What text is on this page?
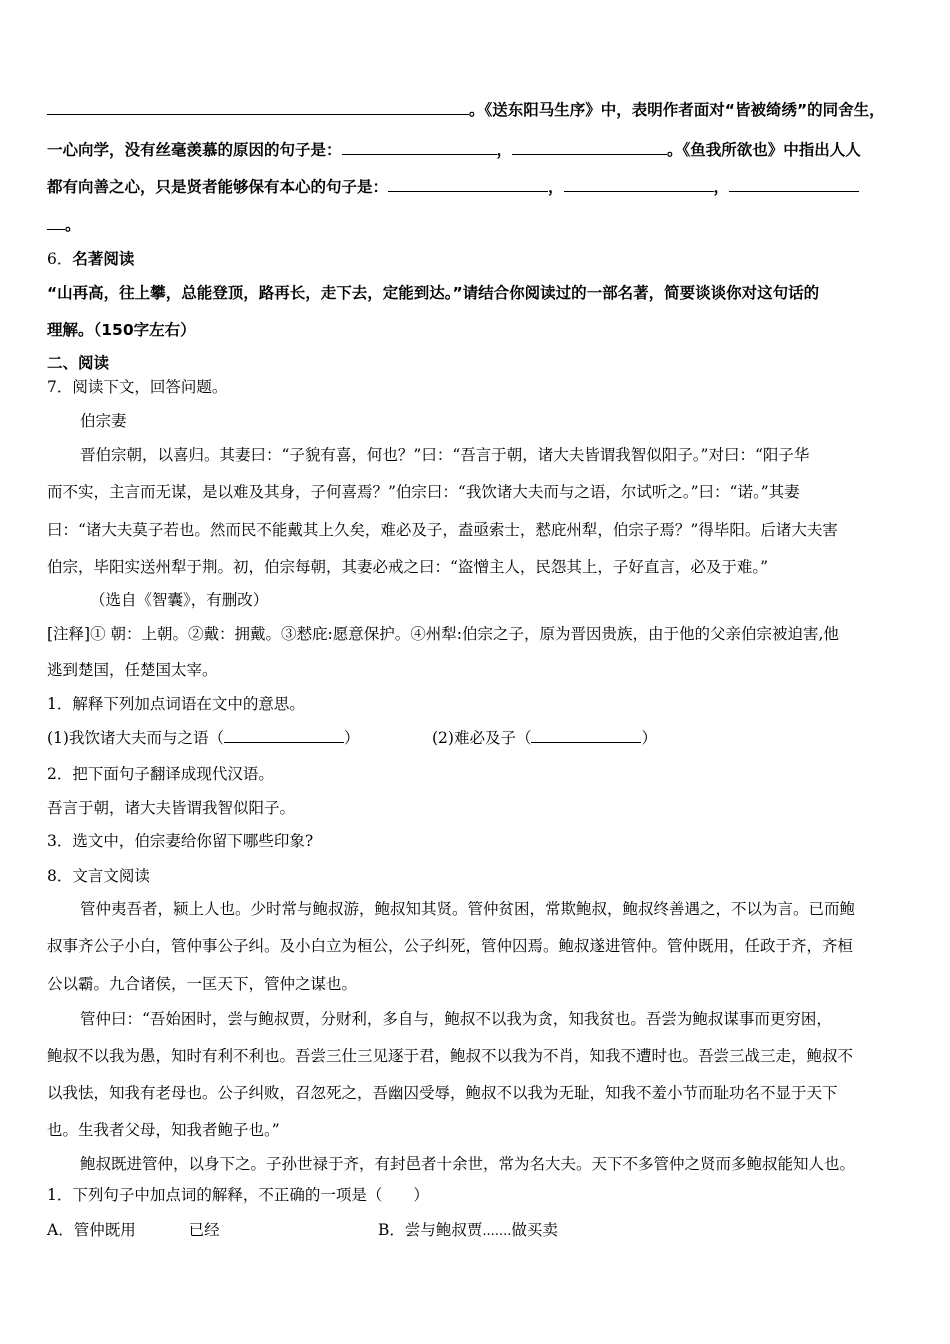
。《送东阳马生序》中，表明作者面对“皆被绮绣”的同舍生，
一心向学，没有丝毫羡慕的原因的句子是：	，	。《鱼我所欲也》中指出人人
都有向善之心，只是贤者能够保有本心的句子是：	，	，
。
6．名著阅读
“山再高，往上攀，总能登顶，路再长，走下去，定能到达。”请结合你阅读过的一部名著，简要谈谈你对这句话的
理解。（150字左右）
二、阅读
7．阅读下文，回答问题。
伯宗妻
晋伯宗朝，以喜归。其妻曰：“子貌有喜，何也？”曰：“吾言于朝，诸大夫皆谓我智似阳子。”对曰：“阳子华
而不实，主言而无谋，是以难及其身，子何喜焉？”伯宗曰：“我饮诸大夫而与之语，尔试听之。”曰：“诺。”其妻
曰：“诸大夫莫子若也。然而民不能戴其上久矣，难必及子，盍亟索士，慭庇州犁，伯宗子焉？”得毕阳。后诸大夫害
伯宗，毕阳实送州犁于荆。初，伯宗每朝，其妻必戒之曰：“盗憎主人，民怨其上，子好直言，必及于难。”
（选自《智囊》，有删改）
[注释]① 朝：上朝。②戴：拥戴。③慭庇:愿意保护。④州犁:伯宗之子，原为晋因贵族，由于他的父亲伯宗被迫害,他
逃到楚国，任楚国太宰。
1．解释下列加点词语在文中的意思。
(1)我饮诸大夫而与之语（	）	(2)难必及子（	）
2．把下面句子翻译成现代汉语。
吾言于朝，诸大夫皆谓我智似阳子。
3．选文中，伯宗妻给你留下哪些印象?
8．文言文阅读
管仲夷吾者，颍上人也。少时常与鲍叔游，鲍叔知其贤。管仲贫困，常欺鲍叔，鲍叔终善遇之，不以为言。已而鲍
叔事齐公子小白，管仲事公子纠。及小白立为桓公，公子纠死，管仲囚焉。鲍叔遂进管仲。管仲既用，任政于齐，齐桓
公以霸。九合诸侯，一匡天下，管仲之谋也。
管仲曰：“吾始困时，尝与鲍叔贾，分财利，多自与，鲍叔不以我为贪，知我贫也。吾尝为鲍叔谋事而更穷困，
鲍叔不以我为愚，知时有利不利也。吾尝三仕三见逐于君，鲍叔不以我为不肖，知我不遭时也。吾尝三战三走，鲍叔不
以我怯，知我有老母也。公子纠败，召忽死之，吾幽囚受辱，鲍叔不以我为无耻，知我不羞小节而耻功名不显于天下
也。生我者父母，知我者鲍子也。”
鲍叔既进管仲，以身下之。子孙世禄于齐，有封邑者十余世，常为名大夫。天下不多管仲之贤而多鲍叔能知人也。
1．下列句子中加点词的解释，不正确的一项是（　　）
A．管仲既用	已经	B．尝与鲍叔贾.......做买卖
